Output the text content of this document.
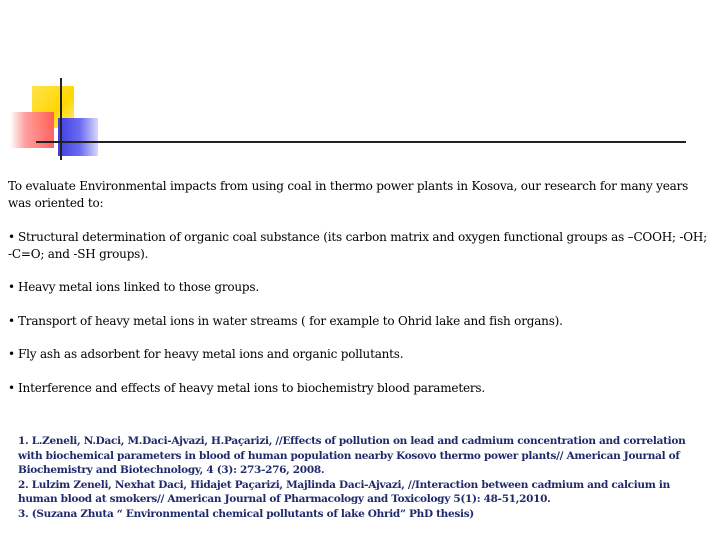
To evaluate Environmental impacts from using coal in thermo power plants in Kosova, our research for many years was oriented to:

• Structural determination of organic coal substance (its carbon matrix and oxygen functional groups as –COOH; -OH; -C=O; and -SH groups).

• Heavy metal ions linked to those groups.

• Transport of heavy metal ions in water streams ( for example to Ohrid lake and fish organs).

• Fly ash as adsorbent for heavy metal ions and organic pollutants.

• Interference and effects of heavy metal ions to biochemistry blood parameters.

1. L.Zeneli, N.Daci, M.Daci-Ajvazi, H.Paçarizi, //Effects of pollution on lead and cadmium concentration and correlation with biochemical parameters in blood of human population nearby Kosovo thermo power plants// American Journal of Biochemistry and Biotechnology, 4 (3): 273-276, 2008.

2. Lulzim Zeneli, Nexhat Daci, Hidajet Paçarizi, Majlinda Daci-Ajvazi, //Interaction between cadmium and calcium in human blood at smokers// American Journal of Pharmacology and Toxicology 5(1): 48-51,2010.

3. (Suzana Zhuta “ Environmental chemical pollutants of lake Ohrid” PhD thesis)
